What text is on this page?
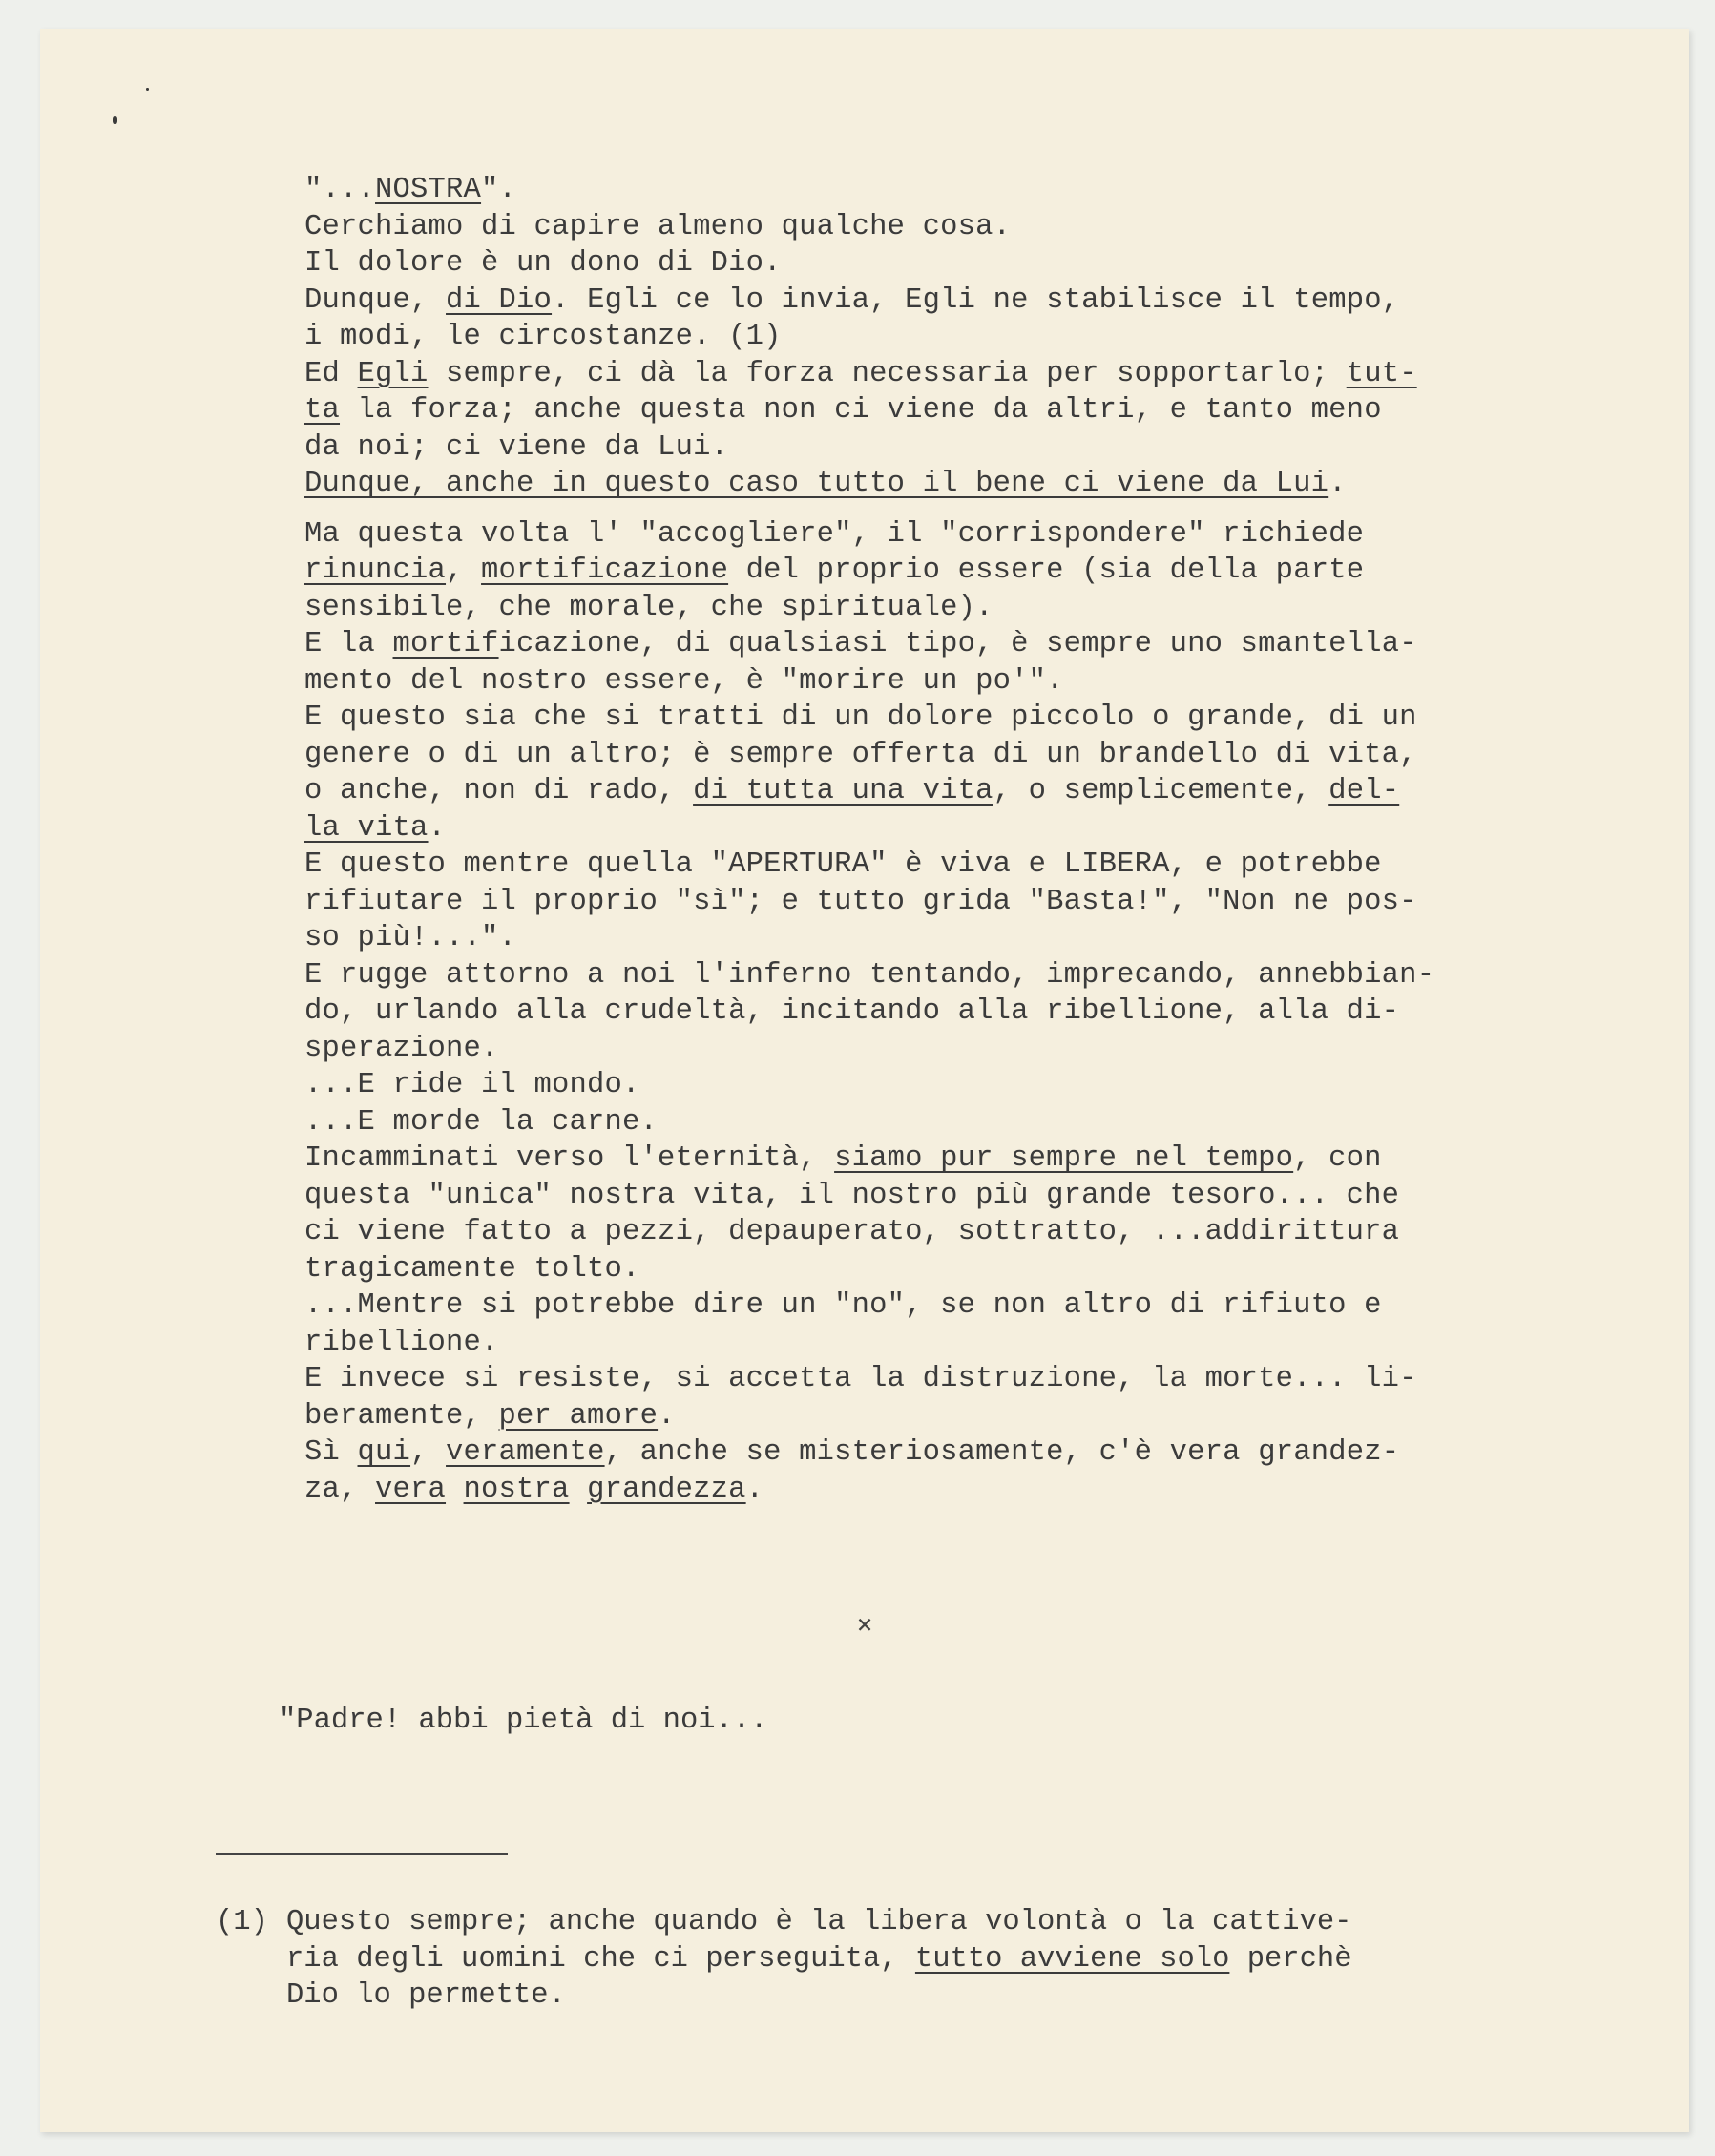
"...NOSTRA".
Cerchiamo di capire almeno qualche cosa.
Il dolore è un dono di Dio.
Dunque, di Dio. Egli ce lo invia, Egli ne stabilisce il tempo,
i modi, le circostanze. (1)
Ed Egli sempre, ci dà la forza necessaria per sopportarlo; tut-
ta la forza; anche questa non ci viene da altri, e tanto meno
da noi; ci viene da Lui.
Dunque, anche in questo caso tutto il bene ci viene da Lui.
Ma questa volta l' "accogliere", il "corrispondere" richiede
rinuncia, mortificazione del proprio essere (sia della parte
sensibile, che morale, che spirituale).
E la mortificazione, di qualsiasi tipo, è sempre uno smantella-
mento del nostro essere, è "morire un po'".
E questo sia che si tratti di un dolore piccolo o grande, di un
genere o di un altro; è sempre offerta di un brandello di vita,
o anche, non di rado, di tutta una vita, o semplicemente, del-
la vita.
E questo mentre quella "APERTURA" è viva e LIBERA, e potrebbe
rifiutare il proprio "sì"; e tutto grida "Basta!", "Non ne pos-
so più!...".
E rugge attorno a noi l'inferno tentando, imprecando, annebbian-
do, urlando alla crudeltà, incitando alla ribellione, alla di-
sperazione.
...E ride il mondo.
...E morde la carne.
Incamminati verso l'eternità, siamo pur sempre nel tempo, con
questa "unica" nostra vita, il nostro più grande tesoro... che
ci viene fatto a pezzi, depauperato, sottratto, ...addirittura
tragicamente tolto.
...Mentre si potrebbe dire un "no", se non altro di rifiuto e
ribellione.
E invece si resiste, si accetta la distruzione, la morte... li-
beramente, per amore.
Sì qui, veramente, anche se misteriosamente, c'è vera grandez-
za, vera nostra grandezza.
⨯
"Padre! abbi pietà di noi...
(1) Questo sempre; anche quando è la libera volontà o la cattive-
ria degli uomini che ci perseguita, tutto avviene solo perchè
Dio lo permette.
